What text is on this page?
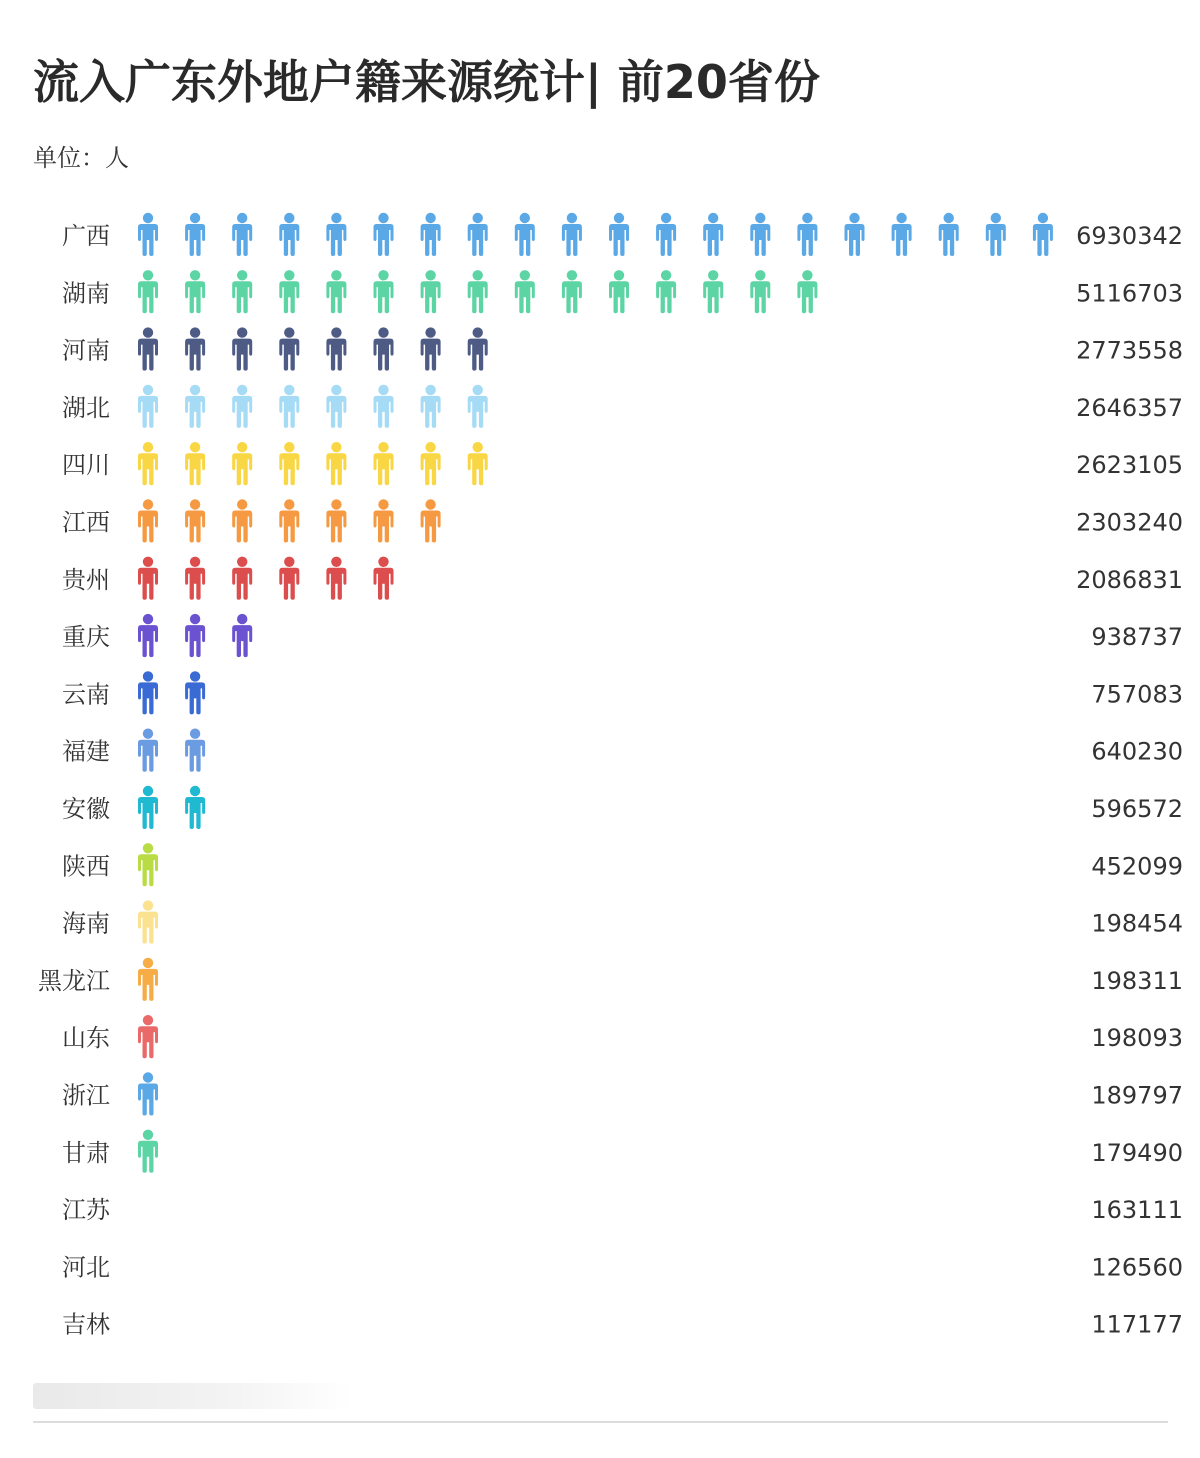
流入广东外地户籍来源统计| 前20省份
单位：人
广西	6930342
湖南	5116703
河南	2773558
湖北	2646357
四川	2623105
江西	2303240
贵州	2086831
重庆	938737
云南	757083
福建	640230
安徽	596572
陕西	452099
海南	198454
黑龙江	198311
山东	198093
浙江	189797
甘肃	179490
江苏	163111
河北	126560
吉林	117177
